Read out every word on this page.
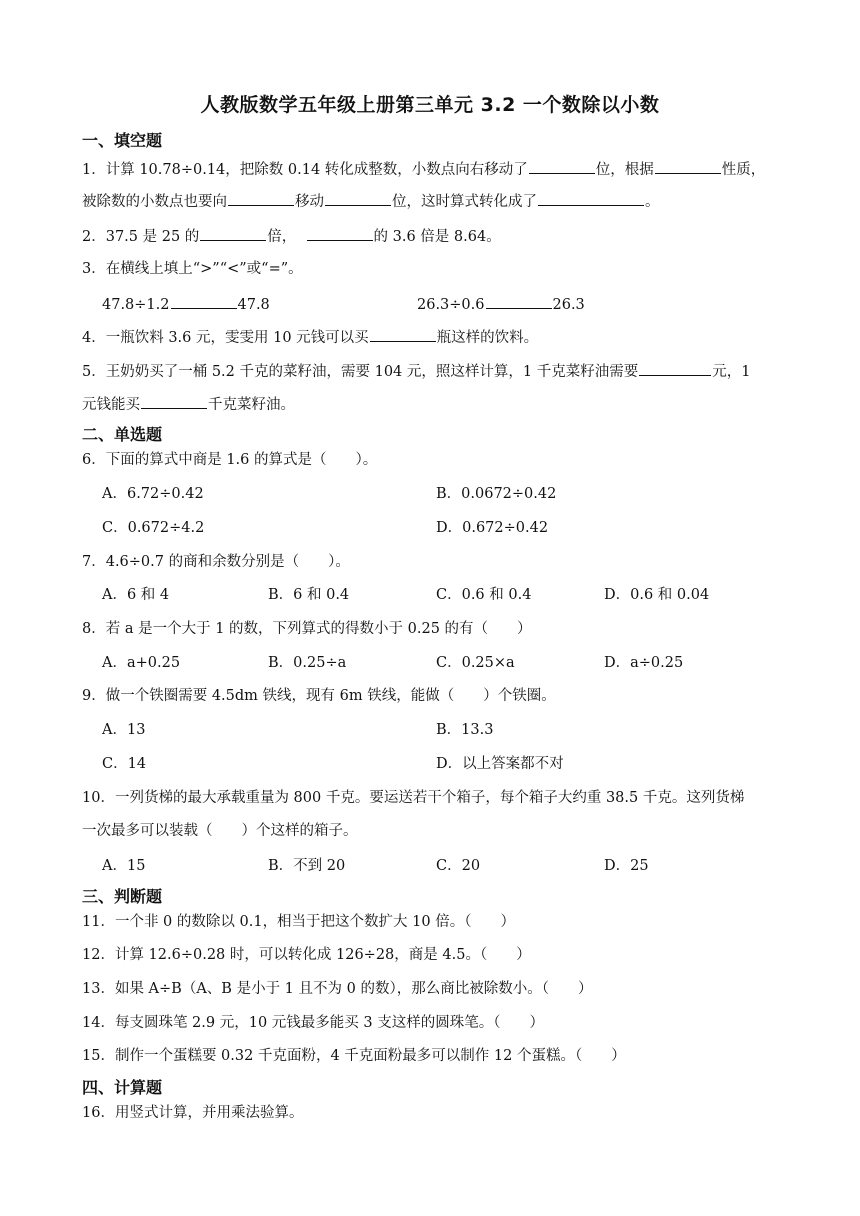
人教版数学五年级上册第三单元 3.2 一个数除以小数
一、填空题
1．计算 10.78÷0.14，把除数 0.14 转化成整数，小数点向右移动了	位，根据	性质，
被除数的小数点也要向	移动	位，这时算式转化成了	。
2．37.5 是 25 的	倍，	的 3.6 倍是 8.64。
3．在横线上填上“>”“<”或“=”。
47.8÷1.2	47.8	26.3÷0.6	26.3
4．一瓶饮料 3.6 元，雯雯用 10 元钱可以买	瓶这样的饮料。
5．王奶奶买了一桶 5.2 千克的菜籽油，需要 104 元，照这样计算，1 千克菜籽油需要	元，1
元钱能买	千克菜籽油。
二、单选题
6．下面的算式中商是 1.6 的算式是（　　）。
A．6.72÷0.42	B．0.0672÷0.42
C．0.672÷4.2	D．0.672÷0.42
7．4.6÷0.7 的商和余数分别是（　　）。
A．6 和 4	B．6 和 0.4	C．0.6 和 0.4	D．0.6 和 0.04
8．若 a 是一个大于 1 的数，下列算式的得数小于 0.25 的有（　　）
A．a+0.25	B．0.25÷a	C．0.25×a	D．a÷0.25
9．做一个铁圈需要 4.5dm 铁线，现有 6m 铁线，能做（　　）个铁圈。
A．13	B．13.3
C．14	D．以上答案都不对
10．一列货梯的最大承载重量为 800 千克。要运送若干个箱子，每个箱子大约重 38.5 千克。这列货梯
一次最多可以装载（　　）个这样的箱子。
A．15	B．不到 20	C．20	D．25
三、判断题
11．一个非 0 的数除以 0.1，相当于把这个数扩大 10 倍。（　　）
12．计算 12.6÷0.28 时，可以转化成 126÷28，商是 4.5。（　　）
13．如果 A÷B（A、B 是小于 1 且不为 0 的数），那么商比被除数小。（　　）
14．每支圆珠笔 2.9 元，10 元钱最多能买 3 支这样的圆珠笔。（　　）
15．制作一个蛋糕要 0.32 千克面粉，4 千克面粉最多可以制作 12 个蛋糕。（　　）
四、计算题
16．用竖式计算，并用乘法验算。
